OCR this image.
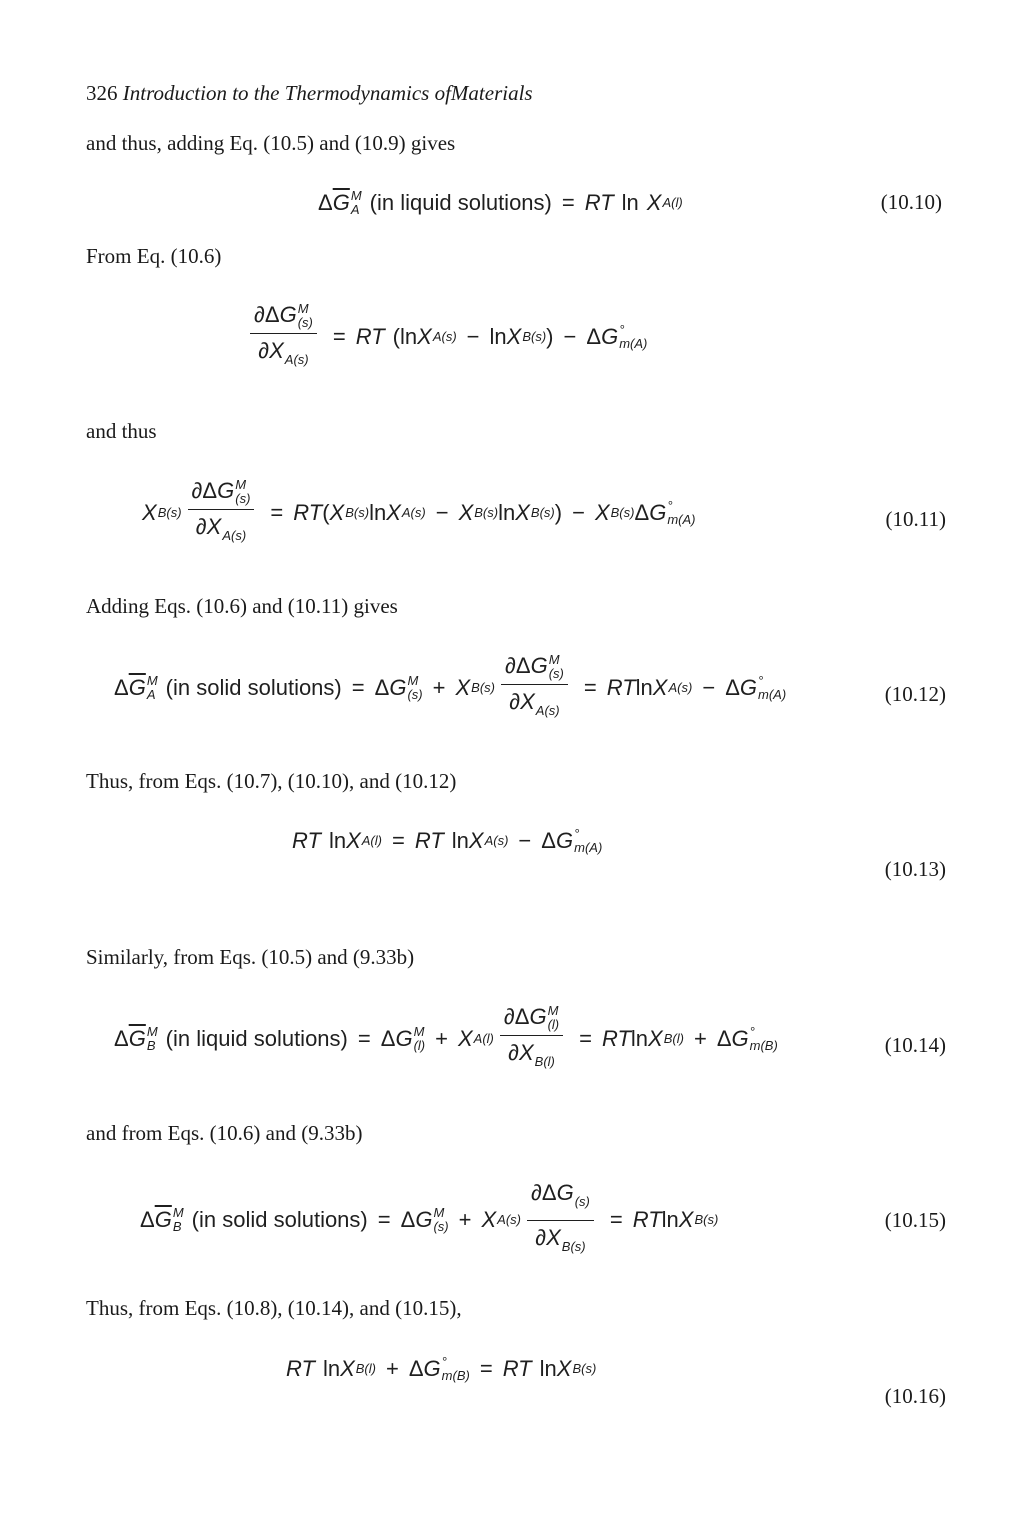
326 Introduction to the Thermodynamics ofMaterials
and thus, adding Eq. (10.5) and (10.9) gives
$\Delta\overline{G}$ M
A (in liquid solutions) = RT ln X A(l)	(10.10)
From Eq. (10.6)
∂ΔG M
(s)
$\partial X_{A(s)}$ = RT (ln X A(s) − ln X B(s) ) − Δ G °
m(A)
and thus
X B(s) ∂ΔG M
(s)
$\partial X_{A(s)}$ = RT ( X B(s) ln X A(s) − X B(s) ln X B(s) ) − X B(s) Δ G °
m(A)	(10.11)
Adding Eqs. (10.6) and (10.11) gives
$\Delta\overline{G}$ M
A (in solid solutions) = Δ G M
(s) + X B(s) ∂ΔG M
(s)
$\partial X_{A(s)}$ = RT ln X A(s) − Δ G °
m(A)	(10.12)
Thus, from Eqs. (10.7), (10.10), and (10.12)
RT ln X A(l) = RT ln X A(s) − Δ G °
m(A)
(10.13)
Similarly, from Eqs. (10.5) and (9.33b)
$\Delta\overline{G}$ M
B (in liquid solutions) = Δ G M
(l) + X A(l) ∂ΔG M
(l)
$\partial X_{B(l)}$ = RT ln X B(l) + Δ G °
m(B)	(10.14)
and from Eqs. (10.6) and (9.33b)
$\Delta\overline{G}$ M
B (in solid solutions) = Δ G M
(s) + X $A(s) \frac{\partial\Delta G_{(s)}}{\partial X_{B(s)}}$ = RT ln X B(s)	(10.15)
Thus, from Eqs. (10.8), (10.14), and (10.15),
RT ln X B(l) + Δ G °
m(B) = RT ln X B(s)
(10.16)
